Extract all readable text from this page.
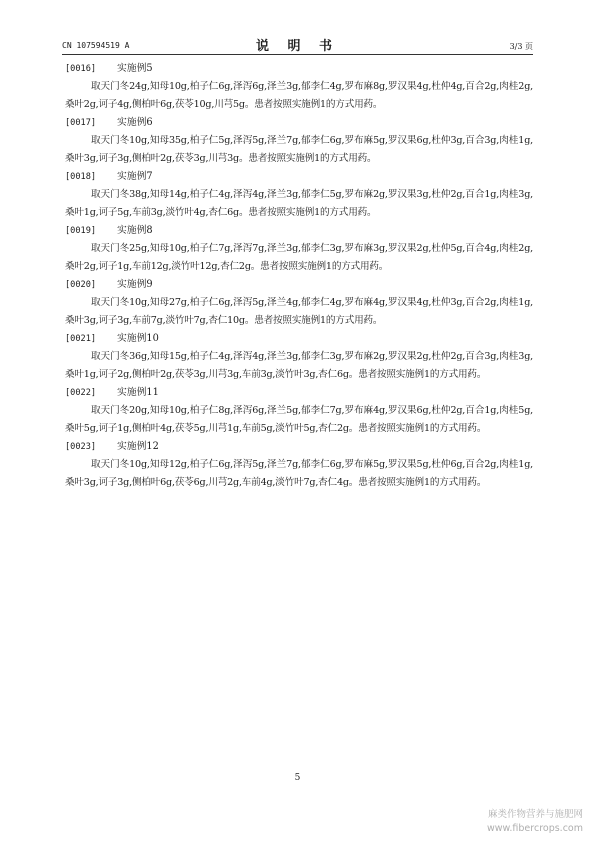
CN 107594519 A	说 明 书	3/3 页
[0016] 实施例5

取天门冬24g,知母10g,柏子仁6g,泽泻6g,泽兰3g,郁李仁4g,罗布麻8g,罗汉果4g,杜仲4g,百合2g,肉桂2g,桑叶2g,诃子4g,侧柏叶6g,茯苓10g,川芎5g。患者按照实施例1的方式用药。

[0017] 实施例6

取天门冬10g,知母35g,柏子仁5g,泽泻5g,泽兰7g,郁李仁6g,罗布麻5g,罗汉果6g,杜仲3g,百合3g,肉桂1g,桑叶3g,诃子3g,侧柏叶2g,茯苓3g,川芎3g。患者按照实施例1的方式用药。

[0018] 实施例7

取天门冬38g,知母14g,柏子仁4g,泽泻4g,泽兰3g,郁李仁5g,罗布麻2g,罗汉果3g,杜仲2g,百合1g,肉桂3g,桑叶1g,诃子5g,车前3g,淡竹叶4g,杏仁6g。患者按照实施例1的方式用药。

[0019] 实施例8

取天门冬25g,知母10g,柏子仁7g,泽泻7g,泽兰3g,郁李仁3g,罗布麻3g,罗汉果2g,杜仲5g,百合4g,肉桂2g,桑叶2g,诃子1g,车前12g,淡竹叶12g,杏仁2g。患者按照实施例1的方式用药。

[0020] 实施例9

取天门冬10g,知母27g,柏子仁6g,泽泻5g,泽兰4g,郁李仁4g,罗布麻4g,罗汉果4g,杜仲3g,百合2g,肉桂1g,桑叶3g,诃子3g,车前7g,淡竹叶7g,杏仁10g。患者按照实施例1的方式用药。

[0021] 实施例10

取天门冬36g,知母15g,柏子仁4g,泽泻4g,泽兰3g,郁李仁3g,罗布麻2g,罗汉果2g,杜仲2g,百合3g,肉桂3g,桑叶1g,诃子2g,侧柏叶2g,茯苓3g,川芎3g,车前3g,淡竹叶3g,杏仁6g。患者按照实施例1的方式用药。

[0022] 实施例11

取天门冬20g,知母10g,柏子仁8g,泽泻6g,泽兰5g,郁李仁7g,罗布麻4g,罗汉果6g,杜仲2g,百合1g,肉桂5g,桑叶5g,诃子1g,侧柏叶4g,茯苓5g,川芎1g,车前5g,淡竹叶5g,杏仁2g。患者按照实施例1的方式用药。

[0023] 实施例12

取天门冬10g,知母12g,柏子仁6g,泽泻5g,泽兰7g,郁李仁6g,罗布麻5g,罗汉果5g,杜仲6g,百合2g,肉桂1g,桑叶3g,诃子3g,侧柏叶6g,茯苓6g,川芎2g,车前4g,淡竹叶7g,杏仁4g。患者按照实施例1的方式用药。

5
麻类作物营养与施肥网
www.fibercrops.com
